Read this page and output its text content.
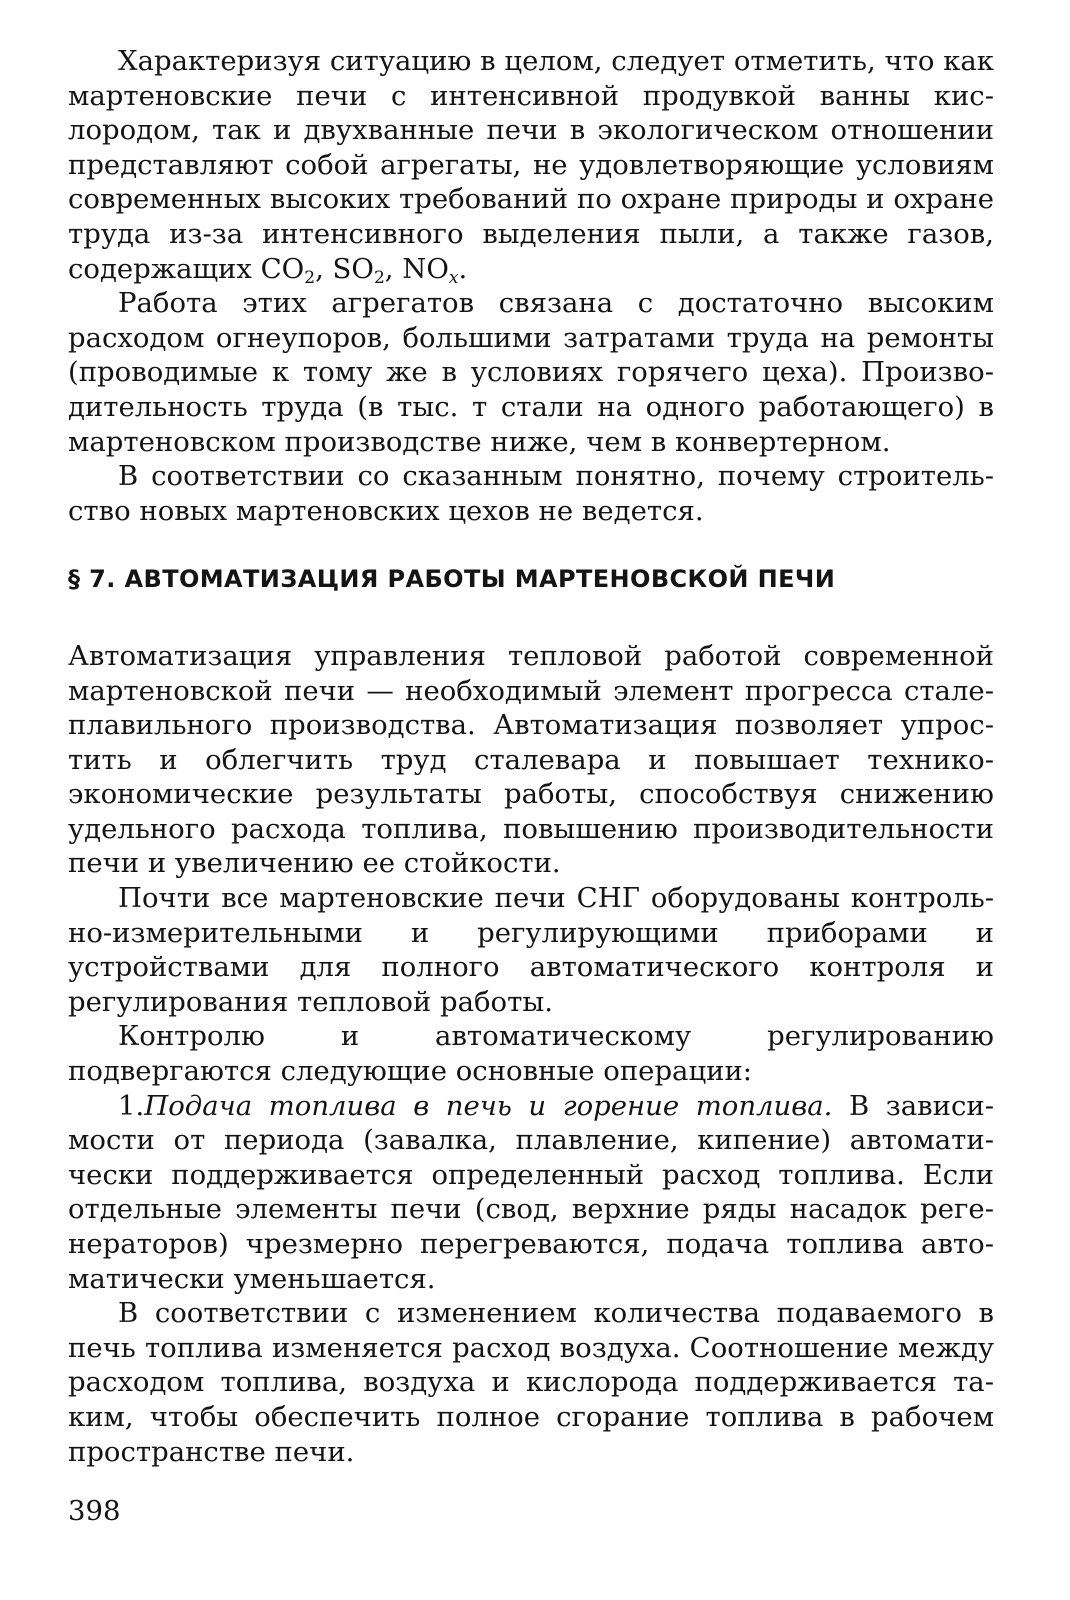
Характеризуя ситуацию в целом, следует отметить, что как мартеновские печи с интенсивной продувкой ванны кислородом, так и двухванные печи в экологическом отношении представляют собой агрегаты, не удовлетворяющие условиям современных высоких требований по охране природы и охране труда из-за интенсивного выделения пыли, а также газов, содержащих $CO_2$, $SO_2$, $NO_x$.

Работа этих агрегатов связана с достаточно высоким расходом огнеупоров, большими затратами труда на ремонты (проводимые к тому же в условиях горячего цеха). Производительность труда (в тыс. т стали на одного работающего) в мартеновском производстве ниже, чем в конвертерном.

В соответствии со сказанным понятно, почему строительство новых мартеновских цехов не ведется.

§ 7. АВТОМАТИЗАЦИЯ РАБОТЫ МАРТЕНОВСКОЙ ПЕЧИ

Автоматизация управления тепловой работой современной мартеновской печи — необходимый элемент прогресса сталеплавильного производства. Автоматизация позволяет упростить и облегчить труд сталевара и повышает технико-экономические результаты работы, способствуя снижению удельного расхода топлива, повышению производительности печи и увеличению ее стойкости.

Почти все мартеновские печи СНГ оборудованы контрольно-измерительными и регулирующими приборами и устройствами для полного автоматического контроля и регулирования тепловой работы.

Контролю и автоматическому регулированию подвергаются следующие основные операции:

1.Подача топлива в печь и горение топлива. В зависимости от периода (завалка, плавление, кипение) автоматически поддерживается определенный расход топлива. Если отдельные элементы печи (свод, верхние ряды насадок регенераторов) чрезмерно перегреваются, подача топлива автоматически уменьшается.

В соответствии с изменением количества подаваемого в печь топлива изменяется расход воздуха. Соотношение между расходом топлива, воздуха и кислорода поддерживается таким, чтобы обеспечить полное сгорание топлива в рабочем пространстве печи.

398
